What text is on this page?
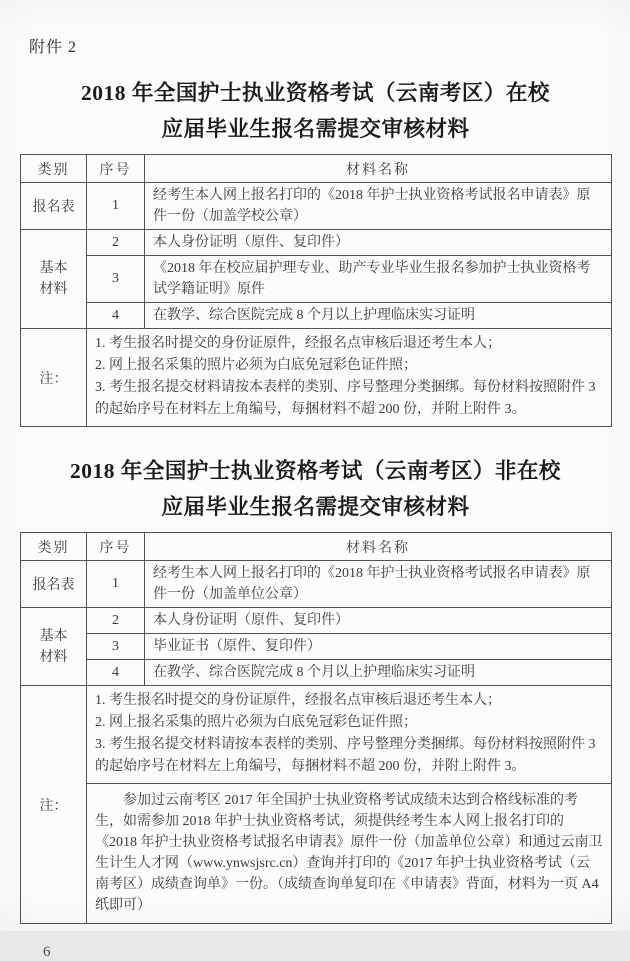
附件 2
2018 年全国护士执业资格考试（云南考区）在校
应届毕业生报名需提交审核材料
类别	序号	材料名称
报名表	1	经考生本人网上报名打印的《2018 年护士执业资格考试报名申请表》原件一份（加盖学校公章）
基本材料	2	本人身份证明（原件、复印件）
	3	《2018 年在校应届护理专业、助产专业毕业生报名参加护士执业资格考试学籍证明》原件
	4	在教学、综合医院完成 8 个月以上护理临床实习证明
注：	1. 考生报名时提交的身份证原件，经报名点审核后退还考生本人；
2. 网上报名采集的照片必须为白底免冠彩色证件照；
3. 考生报名提交材料请按本表样的类别、序号整理分类捆绑。每份材料按照附件 3 的起始序号在材料左上角编号，每捆材料不超 200 份，并附上附件 3。	
2018 年全国护士执业资格考试（云南考区）非在校
应届毕业生报名需提交审核材料
类别	序号	材料名称
报名表	1	经考生本人网上报名打印的《2018 年护士执业资格考试报名申请表》原件一份（加盖单位公章）
基本材料	2	本人身份证明（原件、复印件）
	3	毕业证书（原件、复印件）
	4	在教学、综合医院完成 8 个月以上护理临床实习证明
注：	1. 考生报名时提交的身份证原件，经报名点审核后退还考生本人；
2. 网上报名采集的照片必须为白底免冠彩色证件照；
3. 考生报名提交材料请按本表样的类别、序号整理分类捆绑。每份材料按照附件 3 的起始序号在材料左上角编号，每捆材料不超 200 份，并附上附件 3。	

	参加过云南考区 2017 年全国护士执业资格考试成绩未达到合格线标准的考生，如需参加 2018 年护士执业资格考试，须提供经考生本人网上报名打印的《2018 年护士执业资格考试报名申请表》原件一份（加盖单位公章）和通过云南卫生计生人才网（www.ynwsjsrc.cn）查询并打印的《2017 年护士执业资格考试（云南考区）成绩查询单》一份。（成绩查询单复印在《申请表》背面，材料为一页 A4 纸即可）	
6
